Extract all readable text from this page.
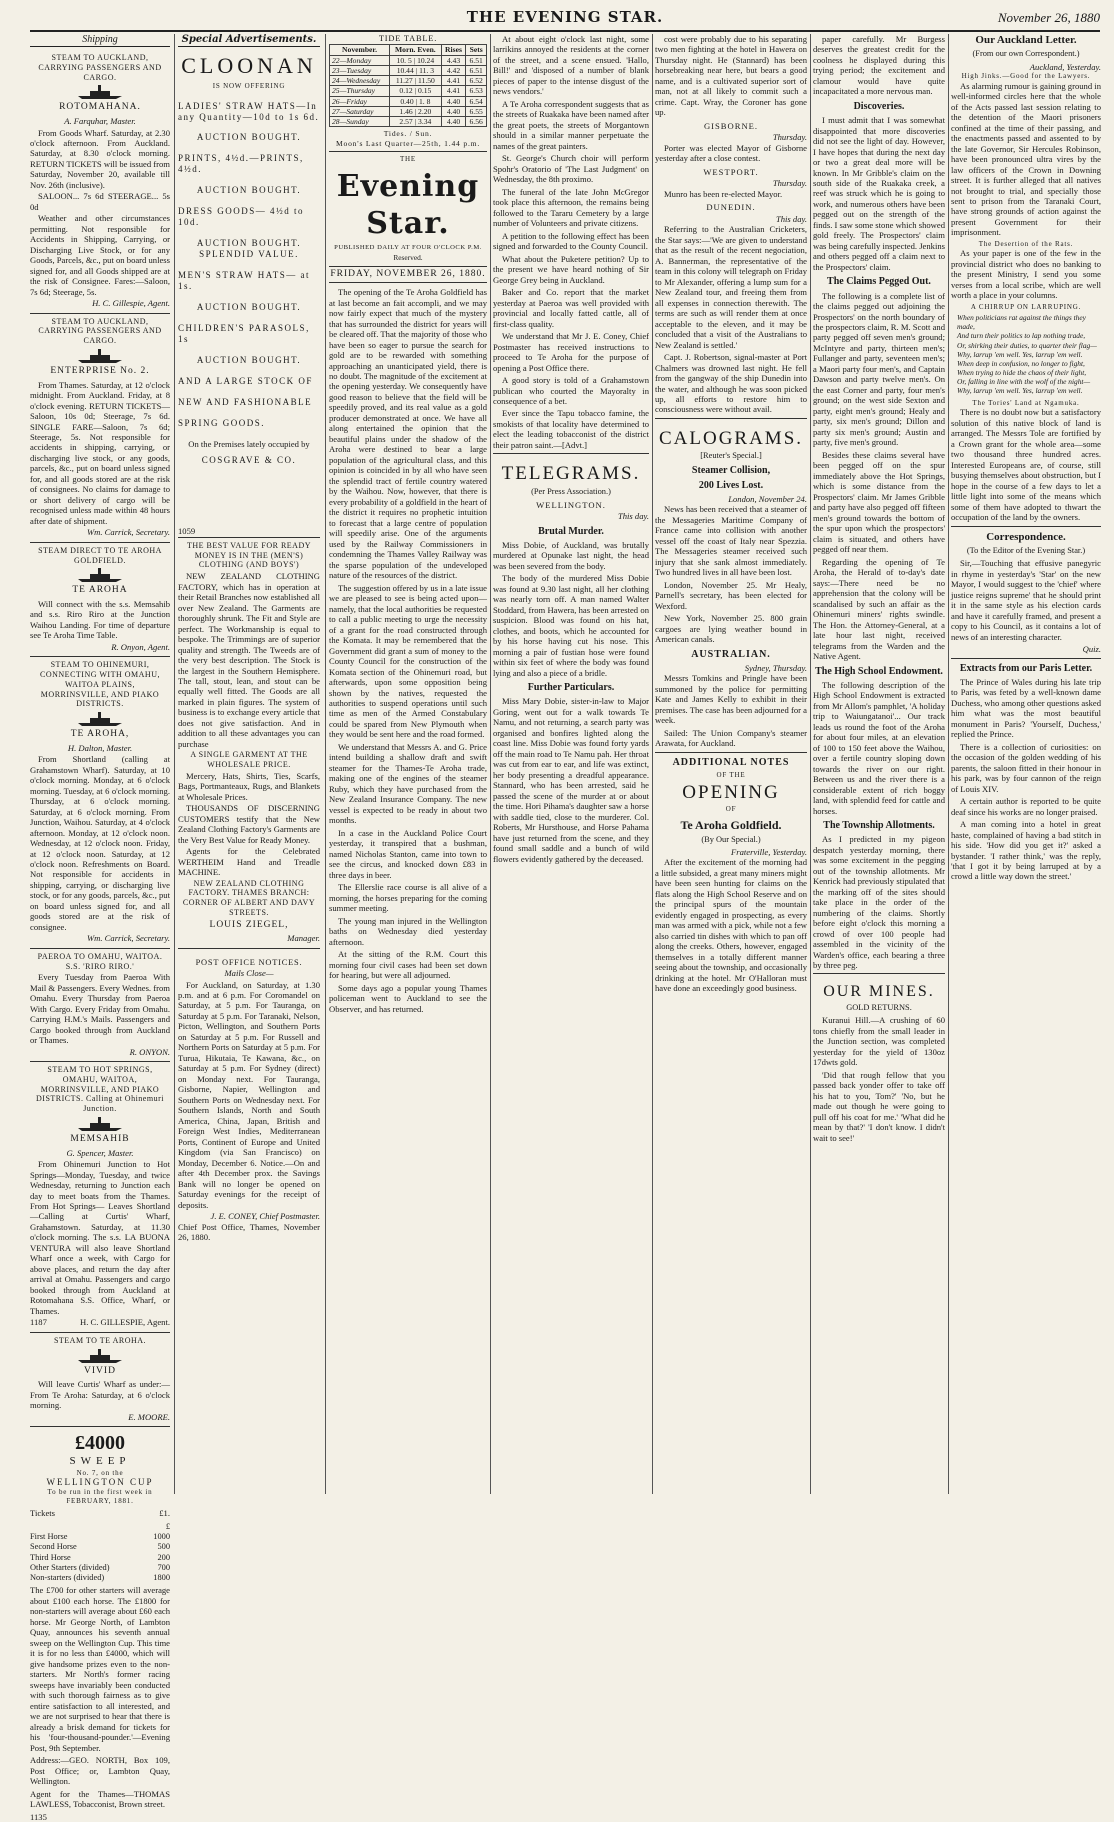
THE EVENING STAR.	November 26, 1880
Shipping
STEAM TO AUCKLAND, CARRYING PASSENGERS AND CARGO.
ROTOMAHANA.
A. Farquhar, Master.

From Goods Wharf. Saturday, at 2.30 o'clock afternoon. From Auckland. Saturday, at 8.30 o'clock morning. RETURN TICKETS will be issued from Saturday, November 20, available till Nov. 26th (inclusive).

SALOON... 7s 6d STEERAGE... 5s 0d

Weather and other circumstances permitting. Not responsible for Accidents in Shipping, Carrying, or Discharging Live Stock, or for any Goods, Parcels, &c., put on board unless signed for, and all Goods shipped are at the risk of Consignee. Fares:—Saloon, 7s 6d; Steerage, 5s.

H. C. Gillespie, Agent.
STEAM TO AUCKLAND, CARRYING PASSENGERS AND CARGO.
ENTERPRISE No. 2.

From Thames. Saturday, at 12 o'clock midnight. From Auckland. Friday, at 8 o'clock evening. RETURN TICKETS—Saloon, 10s 0d; Steerage, 7s 6d. SINGLE FARE—Saloon, 7s 6d; Steerage, 5s. Not responsible for accidents in shipping, carrying, or discharging live stock, or any goods, parcels, &c., put on board unless signed for, and all goods stored are at the risk of consignees. No claims for damage to or short delivery of cargo will be recognised unless made within 48 hours after date of shipment.

Wm. Carrick, Secretary.
STEAM DIRECT TO TE AROHA GOLDFIELD.
TE AROHA

Will connect with the s.s. Memsahib and s.s. Riro Riro at the Junction Waihou Landing. For time of departure see Te Aroha Time Table.

R. Onyon, Agent.
STEAM TO OHINEMURI, CONNECTING WITH OMAHU, WAITOA PLAINS, MORRINSVILLE, AND PIAKO DISTRICTS.
TE AROHA,
H. Dalton, Master.

From Shortland (calling at Grahamstown Wharf). Saturday, at 10 o'clock morning. Monday, at 6 o'clock morning. Tuesday, at 6 o'clock morning. Thursday, at 6 o'clock morning. Saturday, at 6 o'clock morning. From Junction, Waihou. Saturday, at 4 o'clock afternoon. Monday, at 12 o'clock noon. Wednesday, at 12 o'clock noon. Friday, at 12 o'clock noon. Saturday, at 12 o'clock noon. Refreshments on Board. Not responsible for accidents in shipping, carrying, or discharging live stock, or for any goods, parcels, &c., put on board unless signed for, and all goods stored are at the risk of consignee.

Wm. Carrick, Secretary.
PAEROA TO OMAHU, WAITOA. S.S. 'RIRO RIRO.'

Every Tuesday from Paeroa With Mail & Passengers. Every Wednes. from Omahu. Every Thursday from Paeroa With Cargo. Every Friday from Omahu. Carrying H.M.'s Mails. Passengers and Cargo booked through from Auckland or Thames.

R. ONYON.
STEAM TO HOT SPRINGS, OMAHU, WAITOA, MORRINSVILLE, AND PIAKO DISTRICTS. Calling at Ohinemuri Junction.
MEMSAHIB
G. Spencer, Master.

From Ohinemuri Junction to Hot Springs—Monday, Tuesday, and twice Wednesday, returning to Junction each day to meet boats from the Thames. From Hot Springs— Leaves Shortland—Calling at Curtis' Wharf, Grahamstown. Saturday, at 11.30 o'clock morning. The s.s. LA BUONA VENTURA will also leave Shortland Wharf once a week, with Cargo for above places, and return the day after arrival at Omahu. Passengers and cargo booked through from Auckland at Rotomahana S.S. Office, Wharf, or Thames.

1187	H. C. GILLESPIE, Agent.
STEAM TO TE AROHA.
VIVID

Will leave Curtis' Wharf as under:— From Te Aroha: Saturday, at 6 o'clock morning.

E. MOORE.
£4000
SWEEP
No. 7, on the
WELLINGTON CUP
To be run in the first week in FEBRUARY, 1881.
Tickets	£1.
	£
First Horse	1000
Second Horse	500
Third Horse	200
Other Starters (divided)	700
Non-starters (divided)	1800

The £700 for other starters will average about £100 each horse. The £1800 for non-starters will average about £60 each horse. Mr George North, of Lambton Quay, announces his seventh annual sweep on the Wellington Cup. This time it is for no less than £4000, which will give handsome prizes even to the non-starters. Mr North's former racing sweeps have invariably been conducted with such thorough fairness as to give entire satisfaction to all interested, and we are not surprised to hear that there is already a brisk demand for tickets for his 'four-thousand-pounder.'—Evening Post, 9th September.

Address:—GEO. NORTH, Box 109, Post Office; or, Lambton Quay, Wellington.

Agent for the Thames—THOMAS LAWLESS, Tobacconist, Brown street.

1135
Special Advertisements.
CLOONAN
IS NOW OFFERING
LADIES' STRAW HATS—In any Quantity—10d to 1s 6d.
AUCTION BOUGHT.
PRINTS, 4½d.—PRINTS, 4½d.
AUCTION BOUGHT.
DRESS GOODS— 4½d to 10d.
AUCTION BOUGHT. SPLENDID VALUE.
MEN'S STRAW HATS— at 1s.
AUCTION BOUGHT.
CHILDREN'S PARASOLS, 1s
AUCTION BOUGHT.
AND A LARGE STOCK OF
NEW AND FASHIONABLE
SPRING GOODS.
On the Premises lately occupied by
COSGRAVE & CO.
1059
THE BEST VALUE FOR READY MONEY IS IN THE (MEN'S) CLOTHING (AND BOYS')

NEW ZEALAND CLOTHING FACTORY, which has in operation at their Retail Branches now established all over New Zealand. The Garments are thoroughly shrunk. The Fit and Style are perfect. The Workmanship is equal to bespoke. The Trimmings are of superior quality and strength. The Tweeds are of the very best description. The Stock is the largest in the Southern Hemisphere. The tall, stout, lean, and stout can be equally well fitted. The Goods are all marked in plain figures. The system of business is to exchange every article that does not give satisfaction. And in addition to all these advantages you can purchase

A SINGLE GARMENT AT THE WHOLESALE PRICE.

Mercery, Hats, Shirts, Ties, Scarfs, Bags, Portmanteaux, Rugs, and Blankets at Wholesale Prices.

THOUSANDS OF DISCERNING CUSTOMERS testify that the New Zealand Clothing Factory's Garments are the Very Best Value for Ready Money.

Agents for the Celebrated WERTHEIM Hand and Treadle MACHINE.

NEW ZEALAND CLOTHING FACTORY. THAMES BRANCH: CORNER OF ALBERT AND DAVY STREETS.
LOUIS ZIEGEL,
Manager.
POST OFFICE NOTICES.
Mails Close—

For Auckland, on Saturday, at 1.30 p.m. and at 6 p.m. For Coromandel on Saturday, at 5 p.m. For Tauranga, on Saturday at 5 p.m. For Taranaki, Nelson, Picton, Wellington, and Southern Ports on Saturday at 5 p.m. For Russell and Northern Ports on Saturday at 5 p.m. For Turua, Hikutaia, Te Kawana, &c., on Saturday at 5 p.m. For Sydney (direct) on Monday next. For Tauranga, Gisborne, Napier, Wellington and Southern Ports on Wednesday next. For Southern Islands, North and South America, China, Japan, British and Foreign West Indies, Mediterranean Ports, Continent of Europe and United Kingdom (via San Francisco) on Monday, December 6. Notice.—On and after 4th December prox. the Savings Bank will no longer be opened on Saturday evenings for the receipt of deposits.

J. E. CONEY, Chief Postmaster.
Chief Post Office, Thames, November 26, 1880.
TIDE TABLE.
November.	Morn. Even.	Rises	Sets
22—Monday	10. 5 | 10.24	4.43	6.51
23—Tuesday	10.44 | 11. 3	4.42	6.51
24—Wednesday	11.27 | 11.50	4.41	6.52
25—Thursday	0.12 | 0.15	4.41	6.53
26—Friday	0.40 | 1. 8	4.40	6.54
27—Saturday	1.46 | 2.20	4.40	6.55
28—Sunday	2.57 | 3.34	4.40	6.56
Tides. / Sun.
Moon's Last Quarter—25th, 1.44 p.m.
THE
Evening Star.
PUBLISHED DAILY AT FOUR O'CLOCK P.M.
Reserved.
FRIDAY, NOVEMBER 26, 1880.

The opening of the Te Aroha Goldfield has at last become an fait accompli, and we may now fairly expect that much of the mystery that has surrounded the district for years will be cleared off. That the majority of those who have been so eager to pursue the search for gold are to be rewarded with something approaching an unanticipated yield, there is no doubt. The magnitude of the excitement at the opening yesterday. We consequently have good reason to believe that the field will be speedily proved, and its real value as a gold producer demonstrated at once. We have all along entertained the opinion that the beautiful plains under the shadow of the Aroha were destined to bear a large population of the agricultural class, and this opinion is coincided in by all who have seen the splendid tract of fertile country watered by the Waihou. Now, however, that there is every probability of a goldfield in the heart of the district it requires no prophetic intuition to forecast that a large centre of population will speedily arise. One of the arguments used by the Railway Commissioners in condemning the Thames Valley Railway was the sparse population of the undeveloped nature of the resources of the district.

The suggestion offered by us in a late issue we are pleased to see is being acted upon—namely, that the local authorities be requested to call a public meeting to urge the necessity of a grant for the road constructed through the Komata. It may be remembered that the Government did grant a sum of money to the County Council for the construction of the Komata section of the Ohinemuri road, but afterwards, upon some opposition being shown by the natives, requested the authorities to suspend operations until such time as men of the Armed Constabulary could be spared from New Plymouth when they would be sent here and the road formed.

We understand that Messrs A. and G. Price intend building a shallow draft and swift steamer for the Thames-Te Aroha trade, making one of the engines of the steamer Ruby, which they have purchased from the New Zealand Insurance Company. The new vessel is expected to be ready in about two months.

In a case in the Auckland Police Court yesterday, it transpired that a bushman, named Nicholas Stanton, came into town to see the circus, and knocked down £83 in three days in beer.

The Ellerslie race course is all alive of a morning, the horses preparing for the coming summer meeting.

The young man injured in the Wellington baths on Wednesday died yesterday afternoon.

At the sitting of the R.M. Court this morning four civil cases had been set down for hearing, but were all adjourned.

Some days ago a popular young Thames policeman went to Auckland to see the Observer, and has returned.

At about eight o'clock last night, some larrikins annoyed the residents at the corner of the street, and a scene ensued. 'Hallo, Bill!' and 'disposed of a number of blank pieces of paper to the intense disgust of the news vendors.'

A Te Aroha correspondent suggests that as the streets of Ruakaka have been named after the great poets, the streets of Morgantown should in a similar manner perpetuate the names of the great painters.

St. George's Church choir will perform Spohr's Oratorio of 'The Last Judgment' on Wednesday, the 8th proximo.

The funeral of the late John McGregor took place this afternoon, the remains being followed to the Tararu Cemetery by a large number of Volunteers and private citizens.

A petition to the following effect has been signed and forwarded to the County Council.

What about the Puketere petition? Up to the present we have heard nothing of Sir George Grey being in Auckland.

Baker and Co. report that the market yesterday at Paeroa was well provided with provincial and locally fatted cattle, all of first-class quality.

We understand that Mr J. E. Coney, Chief Postmaster has received instructions to proceed to Te Aroha for the purpose of opening a Post Office there.

A good story is told of a Grahamstown publican who courted the Mayoralty in consequence of a bet.

Ever since the Tapu tobacco famine, the smokists of that locality have determined to elect the leading tobacconist of the district their patron saint.—[Advt.]

TELEGRAMS.
(Per Press Association.)
WELLINGTON.
This day.
Brutal Murder.

Miss Dobie, of Auckland, was brutally murdered at Opunake last night, the head was been severed from the body.

The body of the murdered Miss Dobie was found at 9.30 last night, all her clothing was nearly torn off. A man named Walter Stoddard, from Hawera, has been arrested on suspicion. Blood was found on his hat, clothes, and boots, which he accounted for by his horse having cut his nose. This morning a pair of fustian hose were found within six feet of where the body was found lying and also a piece of a bridle.

Further Particulars.

Miss Mary Dobie, sister-in-law to Major Goring, went out for a walk towards Te Namu, and not returning, a search party was organised and bonfires lighted along the coast line. Miss Dobie was found forty yards off the main road to Te Namu pah. Her throat was cut from ear to ear, and life was extinct, her body presenting a dreadful appearance. Stannard, who has been arrested, said he passed the scene of the murder at or about the time. Hori Pihama's daughter saw a horse with saddle tied, close to the murderer. Col. Roberts, Mr Hursthouse, and Horse Pahama have just returned from the scene, and they found small saddle and a bunch of wild flowers evidently gathered by the deceased.

cost were probably due to his separating two men fighting at the hotel in Hawera on Thursday night. He (Stannard) has been horsebreaking near here, but bears a good name, and is a cultivated superior sort of man, not at all likely to commit such a crime. Capt. Wray, the Coroner has gone up.

GISBORNE.
Thursday.

Porter was elected Mayor of Gisborne yesterday after a close contest.

WESTPORT.
Thursday.

Munro has been re-elected Mayor.

DUNEDIN.
This day.

Referring to the Australian Cricketers, the Star says:—'We are given to understand that as the result of the recent negociation, A. Bannerman, the representative of the team in this colony will telegraph on Friday to Mr Alexander, offering a lump sum for a New Zealand tour, and freeing them from all expenses in connection therewith. The terms are such as will render them at once acceptable to the eleven, and it may be concluded that a visit of the Australians to New Zealand is settled.'

Capt. J. Robertson, signal-master at Port Chalmers was drowned last night. He fell from the gangway of the ship Dunedin into the water, and although he was soon picked up, all efforts to restore him to consciousness were without avail.

CALOGRAMS.
[Reuter's Special.]
Steamer Collision,
200 Lives Lost.
London, November 24.

News has been received that a steamer of the Messageries Maritime Company of France came into collision with another vessel off the coast of Italy near Spezzia. The Messageries steamer received such injury that she sank almost immediately. Two hundred lives in all have been lost.

London, November 25. Mr Healy, Parnell's secretary, has been elected for Wexford.

New York, November 25. 800 grain cargoes are lying weather bound in American canals.

AUSTRALIAN.
Sydney, Thursday.

Messrs Tomkins and Pringle have been summoned by the police for permitting Kate and James Kelly to exhibit in their premises. The case has been adjourned for a week.

Sailed: The Union Company's steamer Arawata, for Auckland.

ADDITIONAL NOTES
OF THE
OPENING
OF
Te Aroha Goldfield.
(By Our Special.)
Fraterville, Yesterday.

After the excitement of the morning had a little subsided, a great many miners might have been seen hunting for claims on the flats along the High School Reserve and on the principal spurs of the mountain evidently engaged in prospecting, as every man was armed with a pick, while not a few also carried tin dishes with which to pan off along the creeks. Others, however, engaged themselves in a totally different manner seeing about the township, and occasionally drinking at the hotel. Mr O'Halloran must have done an exceedingly good business.

paper carefully. Mr Burgess deserves the greatest credit for the coolness he displayed during this trying period; the excitement and clamour would have quite incapacitated a more nervous man.

Discoveries.

I must admit that I was somewhat disappointed that more discoveries did not see the light of day. However, I have hopes that during the next day or two a great deal more will be known. In Mr Gribble's claim on the south side of the Ruakaka creek, a reef was struck which he is going to work, and numerous others have been pegged out on the strength of the finds. I saw some stone which showed gold freely. The Prospectors' claim was being carefully inspected. Jenkins and others pegged off a claim next to the Prospectors' claim.

The Claims Pegged Out.

The following is a complete list of the claims pegged out adjoining the Prospectors' on the north boundary of the prospectors claim, R. M. Scott and party pegged off seven men's ground; McIntyre and party, thirteen men's; Fullanger and party, seventeen men's; a Maori party four men's, and Captain Dawson and party twelve men's. On the east Corner and party, four men's ground; on the west side Sexton and party, eight men's ground; Healy and party, six men's ground; Dillon and party six men's ground; Austin and party, five men's ground.

Besides these claims several have been pegged off on the spur immediately above the Hot Springs, which is some distance from the Prospectors' claim. Mr James Gribble and party have also pegged off fifteen men's ground towards the bottom of the spur upon which the prospectors' claim is situated, and others have pegged off near them.

Regarding the opening of Te Aroha, the Herald of to-day's date says:—There need be no apprehension that the colony will be scandalised by such an affair as the Ohinemuri miners' rights swindle. The Hon. the Attorney-General, at a late hour last night, received telegrams from the Warden and the Native Agent.

The High School Endowment.

The following description of the High School Endowment is extracted from Mr Allom's pamphlet, 'A holiday trip to Waiungatanoi'... Our track leads us round the foot of the Aroha for about four miles, at an elevation of 100 to 150 feet above the Waihou, over a fertile country sloping down towards the river on our right. Between us and the river there is a considerable extent of rich boggy land, with splendid feed for cattle and horses.

The Township Allotments.

As I predicted in my pigeon despatch yesterday morning, there was some excitement in the pegging out of the township allotments. Mr Kenrick had previously stipulated that the marking off of the sites should take place in the order of the numbering of the claims. Shortly before eight o'clock this morning a crowd of over 100 people had assembled in the vicinity of the Warden's office, each bearing a three by three peg.

OUR MINES.
GOLD RETURNS.

Kuranui Hill.—A crushing of 60 tons chiefly from the small leader in the Junction section, was completed yesterday for the yield of 130oz 17dwts gold.

'Did that rough fellow that you passed back yonder offer to take off his hat to you, Tom?' 'No, but he made out though he were going to pull off his coat for me.' 'What did he mean by that?' 'I don't know. I didn't wait to see!'

Our Auckland Letter.
(From our own Correspondent.)
Auckland, Yesterday.
High Jinks.—Good for the Lawyers.

As alarming rumour is gaining ground in well-informed circles here that the whole of the Acts passed last session relating to the detention of the Maori prisoners confined at the time of their passing, and the enactments passed and assented to by the late Governor, Sir Hercules Robinson, have been pronounced ultra vires by the law officers of the Crown in Downing street. It is further alleged that all natives not brought to trial, and specially those sent to prison from the Taranaki Court, have strong grounds of action against the present Government for their imprisonment.

The Desertion of the Rats.

As your paper is one of the few in the provincial district who does no banking to the present Ministry, I send you some verses from a local scribe, which are well worth a place in your columns.

A CHIRRUP ON LARRUPING.
When politicians rat against the things they made,
And turn their politics to lap nothing trade,
Or, shirking their duties, to quarter their flag—
Why, larrup 'em well. Yes, larrup 'em well.
When deep in confusion, no longer to fight,
When trying to hide the chaos of their light,
Or, falling in line with the wolf of the night—
Why, larrup 'em well. Yes, larrup 'em well.
The Tories' Land at Ngamuka.

There is no doubt now but a satisfactory solution of this native block of land is arranged. The Messrs Tole are fortified by a Crown grant for the whole area—some two thousand three hundred acres. Interested Europeans are, of course, still busying themselves about obstruction, but I hope in the course of a few days to let a little light into some of the means which some of them have adopted to thwart the occupation of the land by the owners.

Correspondence.
(To the Editor of the Evening Star.)

Sir,—Touching that effusive panegyric in rhyme in yesterday's 'Star' on the new Mayor, I would suggest to the 'chief' where justice reigns supreme' that he should print it in the same style as his election cards and have it carefully framed, and present a copy to his Council, as it contains a lot of news of an interesting character.

Quiz.
Extracts from our Paris Letter.

The Prince of Wales during his late trip to Paris, was feted by a well-known dame Duchess, who among other questions asked him what was the most beautiful monument in Paris? 'Yourself, Duchess,' replied the Prince.

There is a collection of curiosities: on the occasion of the golden wedding of his parents, the saloon fitted in their honour in his park, was by four cannon of the reign of Louis XIV.

A certain author is reported to be quite deaf since his works are no longer praised.

A man coming into a hotel in great haste, complained of having a bad stitch in his side. 'How did you get it?' asked a bystander. 'I rather think,' was the reply, 'that I got it by being larruped at by a crowd a little way down the street.'
